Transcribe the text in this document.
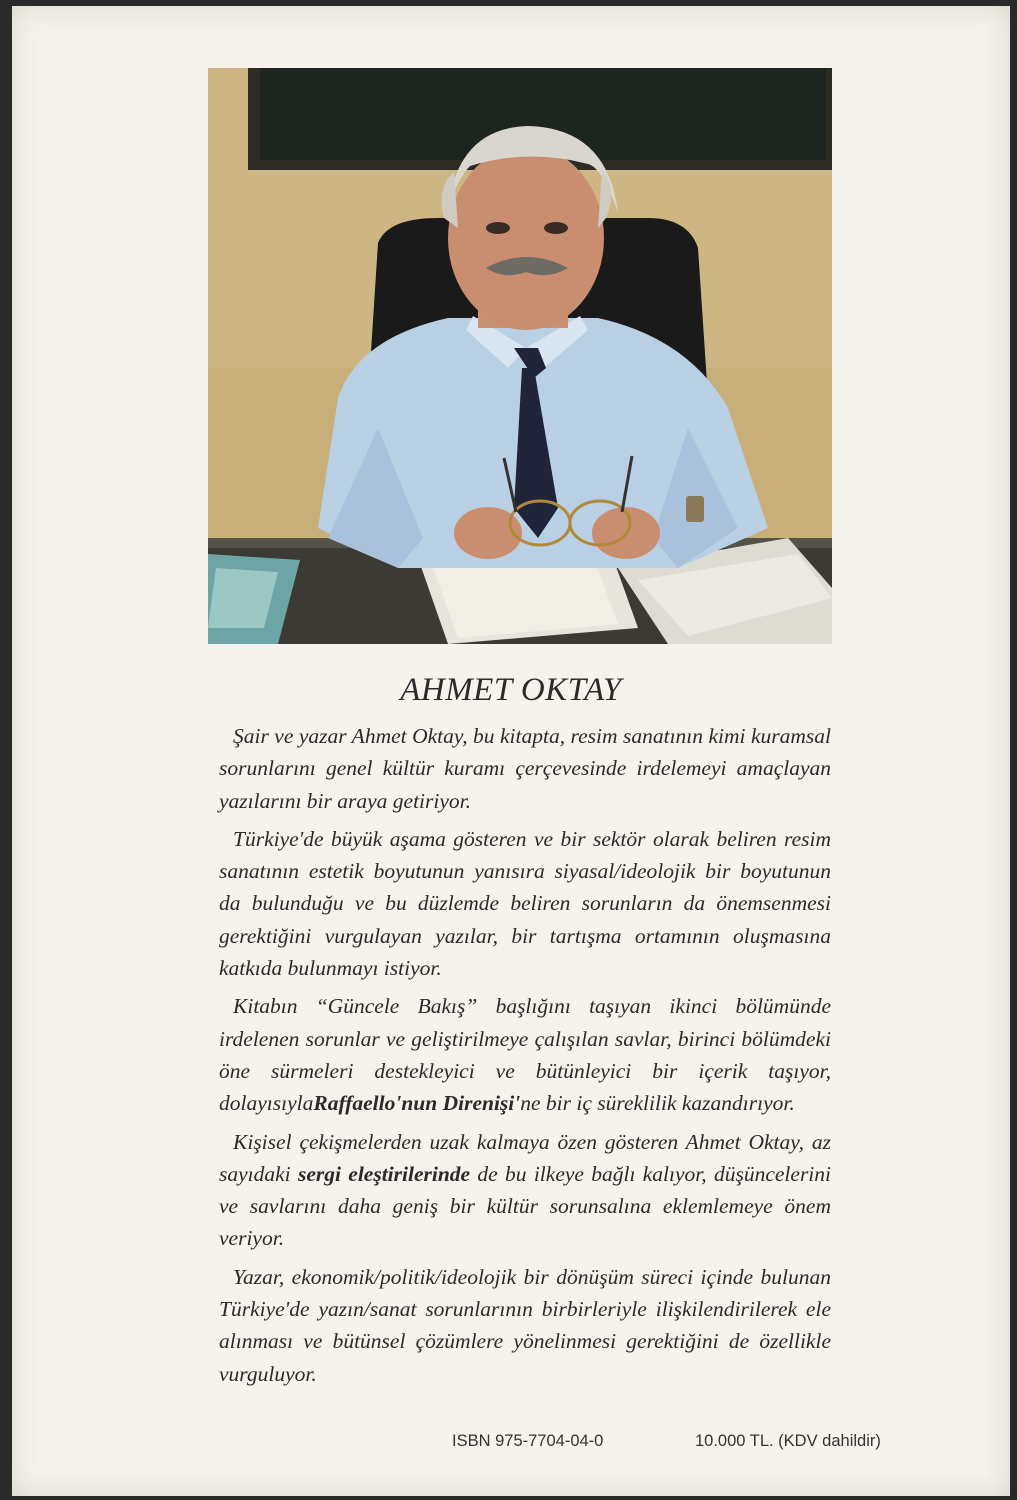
AHMET OKTAY

Şair ve yazar Ahmet Oktay, bu kitapta, resim sanatının kimi kuramsal sorunlarını genel kültür kuramı çerçevesinde irdelemeyi amaçlayan yazılarını bir araya getiriyor.

Türkiye'de büyük aşama gösteren ve bir sektör olarak beliren resim sanatının estetik boyutunun yanısıra siyasal/ideolojik bir boyutunun da bulunduğu ve bu düzlemde beliren sorunların da önemsenmesi gerektiğini vurgulayan yazılar, bir tartışma ortamının oluşmasına katkıda bulunmayı istiyor.

Kitabın “Güncele Bakış” başlığını taşıyan ikinci bölümünde irdelenen sorunlar ve geliştirilmeye çalışılan savlar, birinci bölümdeki öne sürmeleri destekleyici ve bütünleyici bir içerik taşıyor, dolayısıylaRaffaello'nun Direnişi'ne bir iç süreklilik kazandırıyor.

Kişisel çekişmelerden uzak kalmaya özen gösteren Ahmet Oktay, az sayıdaki sergi eleştirilerinde de bu ilkeye bağlı kalıyor, düşüncelerini ve savlarını daha geniş bir kültür sorunsalına eklemlemeye önem veriyor.

Yazar, ekonomik/politik/ideolojik bir dönüşüm süreci içinde bulunan Türkiye'de yazın/sanat sorunlarının birbirleriyle ilişkilendirilerek ele alınması ve bütünsel çözümlere yönelinmesi gerektiğini de özellikle vurguluyor.

ISBN 975-7704-04-0	10.000 TL. (KDV dahildir)
